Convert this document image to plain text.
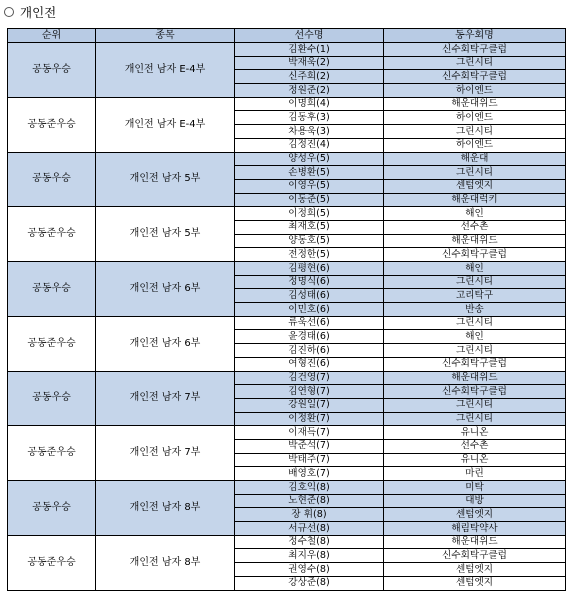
개인전
순위	종목	선수명	동우회명
공동우승	개인전 남자 E-4부	김환수(1)	신수회탁구클럽
		박재욱(2)	그린시티
		신주희(2)	신수회탁구클럽
		정원준(2)	하이엔드
공동준우승	개인전 남자 E-4부	이명희(4)	해운대위드
		김동후(3)	하이엔드
		차용욱(3)	그린시티
		김정진(4)	하이엔드
공동우승	개인전 남자 5부	양성우(5)	해운대
		손병환(5)	그린시티
		이영우(5)	센텀엣지
		이동준(5)	해운대럭키
공동준우승	개인전 남자 5부	이정희(5)	해인
		최재호(5)	선수촌
		양동호(5)	해운대위드
		전정한(5)	신수회탁구클럽
공동우승	개인전 남자 6부	김평현(6)	해인
		정명식(6)	그린시티
		김성태(6)	고리탁구
		이민호(6)	반송
공동준우승	개인전 남자 6부	류욱선(6)	그린시티
		윤경태(6)	해인
		김진하(6)	그린시티
		여형진(6)	신수회탁구클럽
공동우승	개인전 남자 7부	김건영(7)	해운대위드
		김연형(7)	신수회탁구클럽
		강원일(7)	그린시티
		이정환(7)	그린시티
공동준우승	개인전 남자 7부	이재득(7)	유니온
		박준석(7)	선수촌
		박태주(7)	유니온
		배영호(7)	마린
공동우승	개인전 남자 8부	김호익(8)	미탁
		노현준(8)	대방
		장 휘(8)	센텀엣지
		서규선(8)	해림탁약사
공동준우승	개인전 남자 8부	정수철(8)	해운대위드
		최지우(8)	신수회탁구클럽
		권영수(8)	센텀엣지
		강상준(8)	센텀엣지
